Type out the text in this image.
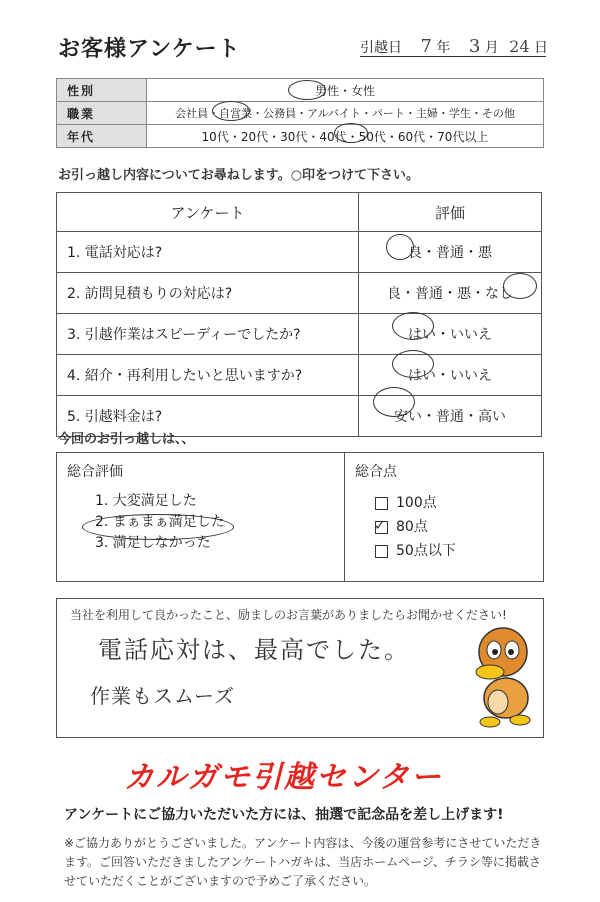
お客様アンケート	引越日 7 年 3 月 24 日
性別	男性・女性
職業	会社員・自営業・公務員・アルバイト・パート・主婦・学生・その他
年代	10代・20代・30代・40代・50代・60代・70代以上
お引っ越し内容についてお尋ねします。○印をつけて下さい。
アンケート	評価
1. 電話対応は?	良・普通・悪
2. 訪問見積もりの対応は?	良・普通・悪・なし
3. 引越作業はスピーディーでしたか?	はい・いいえ
4. 紹介・再利用したいと思いますか?	はい・いいえ
5. 引越料金は?	安い・普通・高い
今回のお引っ越しは、、
総合評価
1. 大変満足した
2. まぁまぁ満足した
3. 満足しなかった
総合点
100点
✓
80点
50点以下
当社を利用して良かったこと、励ましのお言葉がありましたらお聞かせください!
電話応対は、最高でした。
作業もスムーズ
カルガモ引越センター
アンケートにご協力いただいた方には、抽選で記念品を差し上げます!
※ご協力ありがとうございました。アンケート内容は、今後の運営参考にさせていただきます。ご回答いただきましたアンケートハガキは、当店ホームページ、チラシ等に掲載させていただくことがございますので予めご了承ください。
